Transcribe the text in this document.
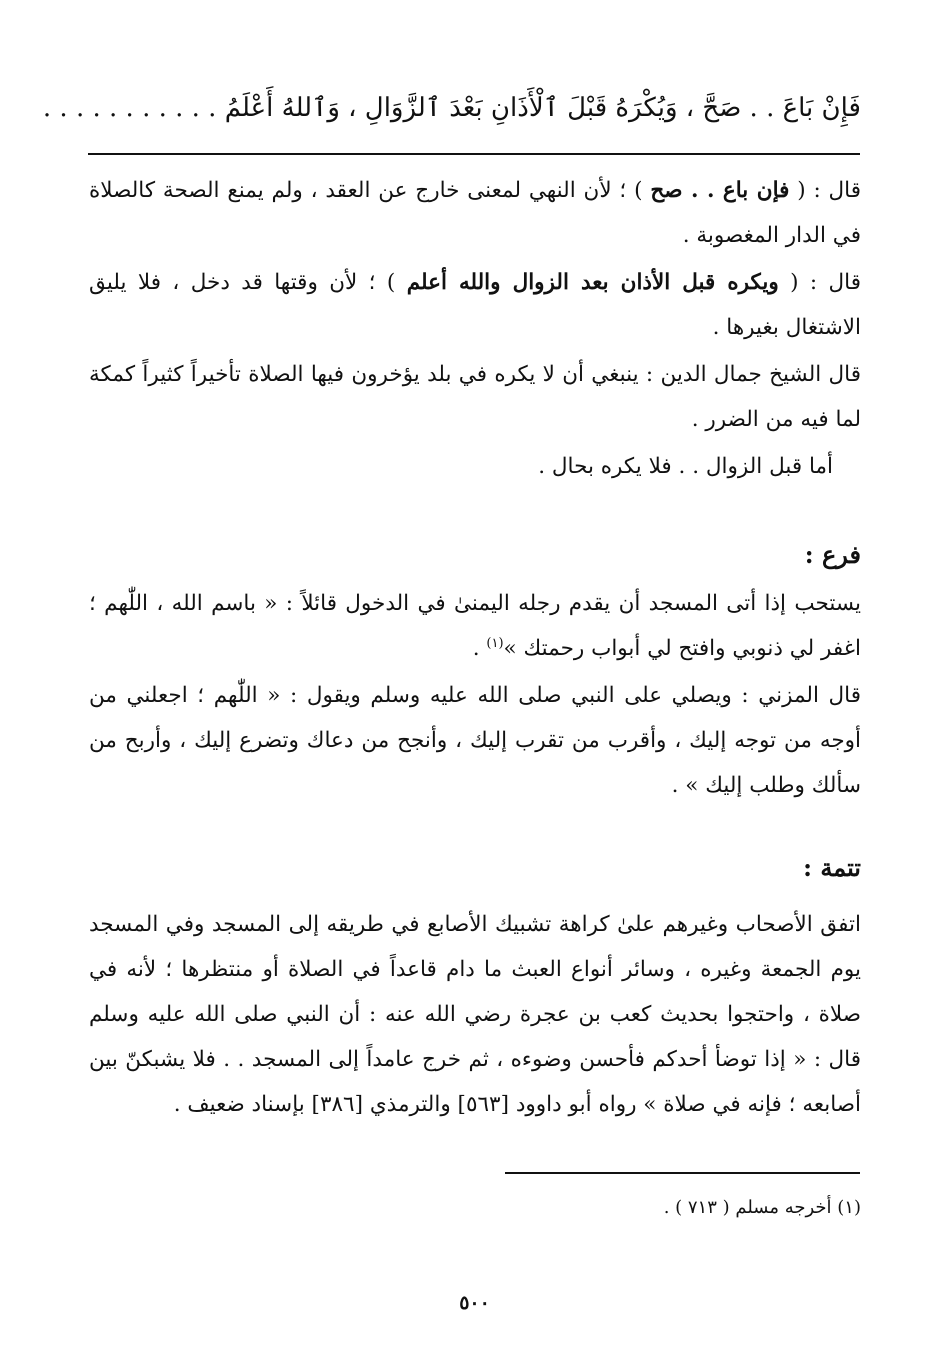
فَإِنْ بَاعَ . . صَحَّ ، وَيُكْرَهُ قَبْلَ ٱلْأَذَانِ بَعْدَ ٱلزَّوَالِ ، وَٱللهُ أَعْلَمُ . . . . . . . . . . .

قال : ( فإن باع . . صح ) ؛ لأن النهي لمعنى خارج عن العقد ، ولم يمنع الصحة كالصلاة في الدار المغصوبة .

قال : ( ويكره قبل الأذان بعد الزوال والله أعلم ) ؛ لأن وقتها قد دخل ، فلا يليق الاشتغال بغيرها .

قال الشيخ جمال الدين : ينبغي أن لا يكره في بلد يؤخرون فيها الصلاة تأخيراً كثيراً كمكة لما فيه من الضرر .

أما قبل الزوال . . فلا يكره بحال .

فرع :

يستحب إذا أتى المسجد أن يقدم رجله اليمنىٰ في الدخول قائلاً : « باسم الله ، اللّٰهم ؛ اغفر لي ذنوبي وافتح لي أبواب رحمتك »$^{(١)}$ .

قال المزني : ويصلي على النبي صلى الله عليه وسلم ويقول : « اللّٰهم ؛ اجعلني من أوجه من توجه إليك ، وأقرب من تقرب إليك ، وأنجح من دعاك وتضرع إليك ، وأربح من سألك وطلب إليك » .

تتمة :

اتفق الأصحاب وغيرهم علىٰ كراهة تشبيك الأصابع في طريقه إلى المسجد وفي المسجد يوم الجمعة وغيره ، وسائر أنواع العبث ما دام قاعداً في الصلاة أو منتظرها ؛ لأنه في صلاة ، واحتجوا بحديث كعب بن عجرة رضي الله عنه : أن النبي صلى الله عليه وسلم قال : « إذا توضأ أحدكم فأحسن وضوءه ، ثم خرج عامداً إلى المسجد . . فلا يشبكنّ بين أصابعه ؛ فإنه في صلاة » رواه أبو داوود [٥٦٣] والترمذي [٣٨٦] بإسناد ضعيف .

(١) أخرجه مسلم ( ٧١٣ ) .
٥٠٠
